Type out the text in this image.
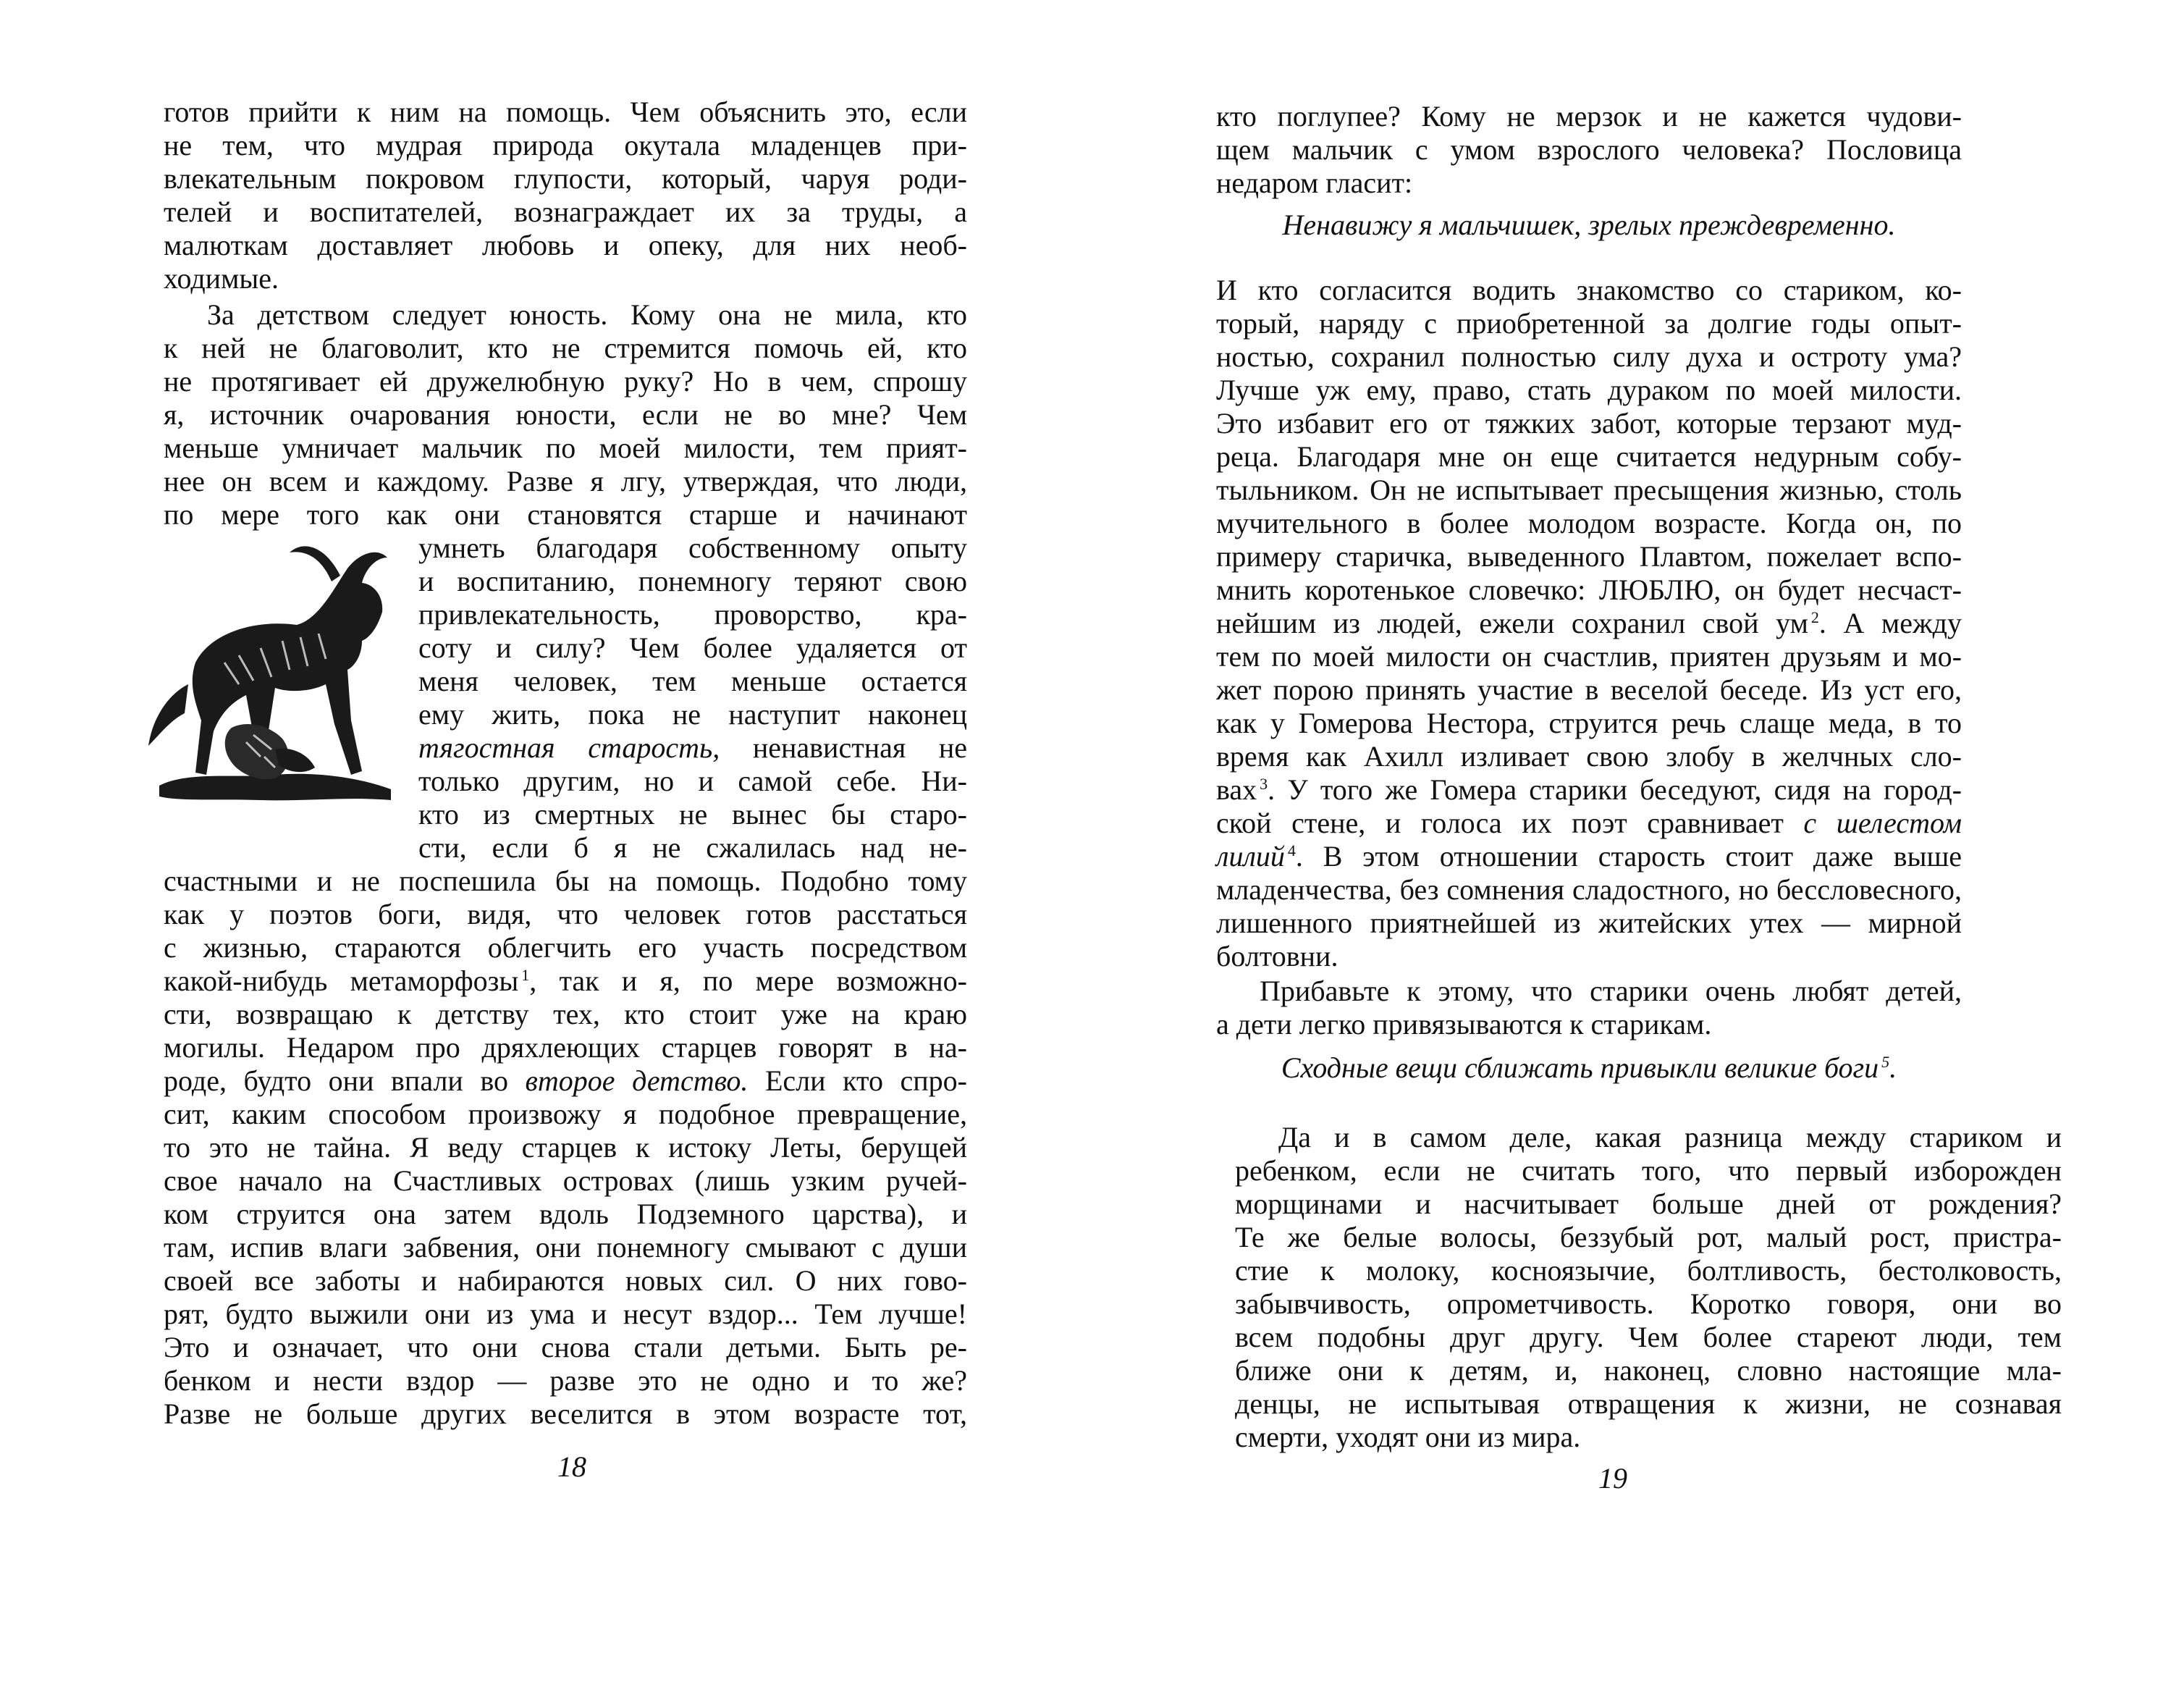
готов прийти к ним на помощь. Чем объяснить это, если
не тем, что мудрая природа окутала младенцев при-
влекательным покровом глупости, который, чаруя роди-
телей и воспитателей, вознаграждает их за труды, а
малюткам доставляет любовь и опеку, для них необ-
ходимые.
За детством следует юность. Кому она не мила, кто
к ней не благоволит, кто не стремится помочь ей, кто
не протягивает ей дружелюбную руку? Но в чем, спрошу
я, источник очарования юности, если не во мне? Чем
меньше умничает мальчик по моей милости, тем прият-
нее он всем и каждому. Разве я лгу, утверждая, что люди,
по мере того как они становятся старше и начинают
умнеть благодаря собственному опыту
и воспитанию, понемногу теряют свою
привлекательность, проворство, кра-
соту и силу? Чем более удаляется от
меня человек, тем меньше остается
ему жить, пока не наступит наконец
тягостная старость, ненавистная не
только другим, но и самой себе. Ни-
кто из смертных не вынес бы старо-
сти, если б я не сжалилась над не-
счастными и не поспешила бы на помощь. Подобно тому
как у поэтов боги, видя, что человек готов расстаться
с жизнью, стараются облегчить его участь посредством
какой-нибудь метаморфозы $^1$, так и я, по мере возможно-
сти, возвращаю к детству тех, кто стоит уже на краю
могилы. Недаром про дряхлеющих старцев говорят в на-
роде, будто они впали во второе детство. Если кто спро-
сит, каким способом произвожу я подобное превращение,
то это не тайна. Я веду старцев к истоку Леты, берущей
свое начало на Счастливых островах (лишь узким ручей-
ком струится она затем вдоль Подземного царства), и
там, испив влаги забвения, они понемногу смывают с души
своей все заботы и набираются новых сил. О них гово-
рят, будто выжили они из ума и несут вздор... Тем лучше!
Это и означает, что они снова стали детьми. Быть ре-
бенком и нести вздор — разве это не одно и то же?
Разве не больше других веселится в этом возрасте тот,
18
кто поглупее? Кому не мерзок и не кажется чудови-
щем мальчик с умом взрослого человека? Пословица
недаром гласит:
Ненавижу я мальчишек, зрелых преждевременно.
И кто согласится водить знакомство со стариком, ко-
торый, наряду с приобретенной за долгие годы опыт-
ностью, сохранил полностью силу духа и остроту ума?
Лучше уж ему, право, стать дураком по моей милости.
Это избавит его от тяжких забот, которые терзают муд-
реца. Благодаря мне он еще считается недурным собу-
тыльником. Он не испытывает пресыщения жизнью, столь
мучительного в более молодом возрасте. Когда он, по
примеру старичка, выведенного Плавтом, пожелает вспо-
мнить коротенькое словечко: ЛЮБЛЮ, он будет несчаст-
нейшим из людей, ежели сохранил свой ум $^2$. А между
тем по моей милости он счастлив, приятен друзьям и мо-
жет порою принять участие в веселой беседе. Из уст его,
как у Гомерова Нестора, струится речь слаще меда, в то
время как Ахилл изливает свою злобу в желчных сло-
вах $^3$. У того же Гомера старики беседуют, сидя на город-
ской стене, и голоса их поэт сравнивает с шелестом
лилий $^4$. В этом отношении старость стоит даже выше
младенчества, без сомнения сладостного, но бессловесного,
лишенного приятнейшей из житейских утех — мирной
болтовни.
Прибавьте к этому, что старики очень любят детей,
а дети легко привязываются к старикам.
Сходные вещи сближать привыкли великие боги $^5$.
Да и в самом деле, какая разница между стариком и
ребенком, если не считать того, что первый изборожден
морщинами и насчитывает больше дней от рождения?
Те же белые волосы, беззубый рот, малый рост, пристра-
стие к молоку, косноязычие, болтливость, бестолковость,
забывчивость, опрометчивость. Коротко говоря, они во
всем подобны друг другу. Чем более стареют люди, тем
ближе они к детям, и, наконец, словно настоящие мла-
денцы, не испытывая отвращения к жизни, не сознавая
смерти, уходят они из мира.
19
